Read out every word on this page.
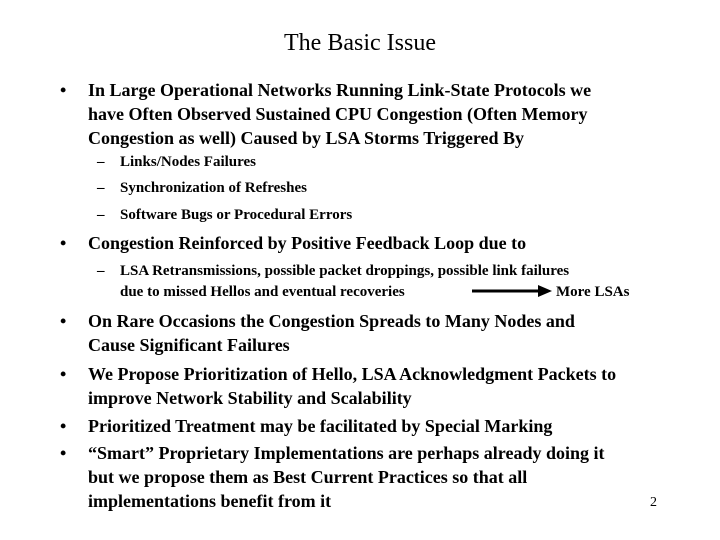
The Basic Issue
• In Large Operational Networks Running Link-State Protocols we
have Often Observed Sustained CPU Congestion (Often Memory
Congestion as well) Caused by LSA Storms Triggered By
– Links/Nodes Failures
– Synchronization of Refreshes
– Software Bugs or Procedural Errors
• Congestion Reinforced by Positive Feedback Loop due to
– LSA Retransmissions, possible packet droppings, possible link failures
due to missed Hellos and eventual recoveries	More LSAs
• On Rare Occasions the Congestion Spreads to Many Nodes and
Cause Significant Failures
• We Propose Prioritization of Hello, LSA Acknowledgment Packets to
improve Network Stability and Scalability
• Prioritized Treatment may be facilitated by Special Marking
• “Smart” Proprietary Implementations are perhaps already doing it
but we propose them as Best Current Practices so that all
implementations benefit from it	2
